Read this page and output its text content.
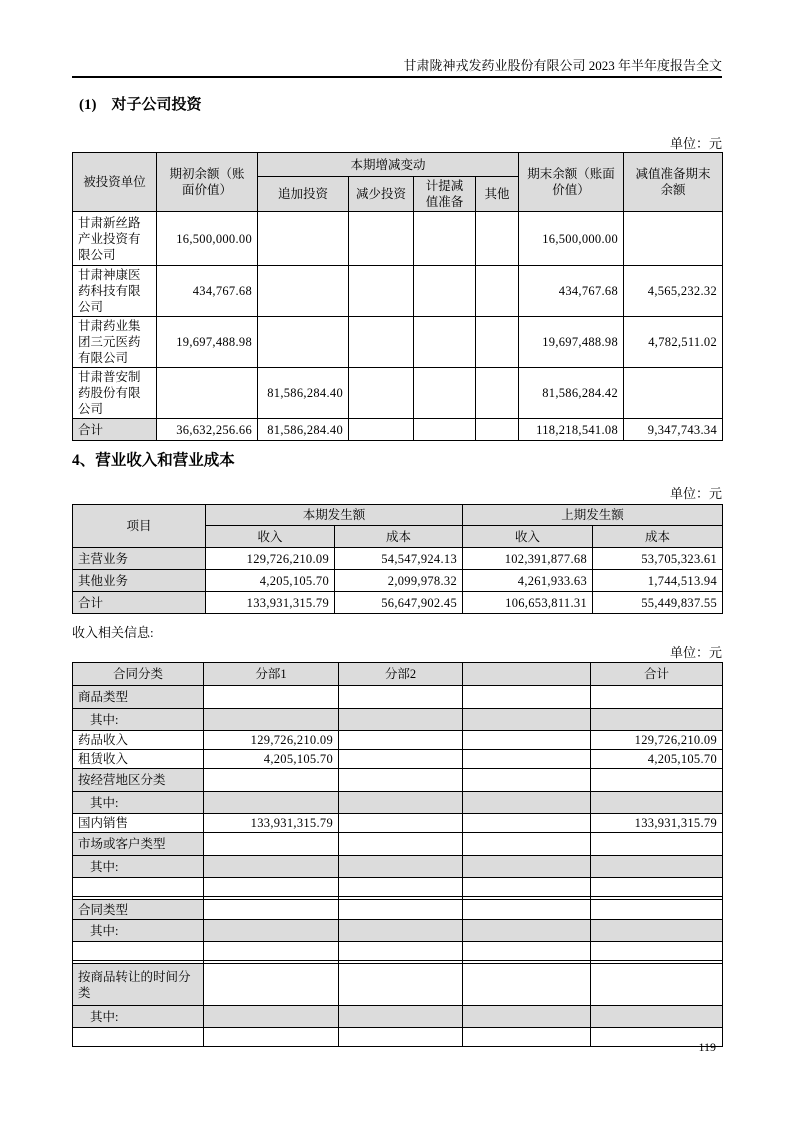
甘肃陇神戎发药业股份有限公司 2023 年半年度报告全文
(1)　对子公司投资
单位：元
被投资单位	期初余额（账面价值）	本期增减变动				期末余额（账面价值）	减值准备期末余额
		追加投资	减少投资	计提减值准备	其他		
甘肃新丝路产业投资有限公司	16,500,000.00					16,500,000.00	
甘肃神康医药科技有限公司	434,767.68					434,767.68	4,565,232.32
甘肃药业集团三元医药有限公司	19,697,488.98					19,697,488.98	4,782,511.02
甘肃普安制药股份有限公司		81,586,284.40				81,586,284.42	
合计	36,632,256.66	81,586,284.40				118,218,541.08	9,347,743.34
4、营业收入和营业成本
单位：元
项目	本期发生额		上期发生额	
	收入	成本	收入	成本
主营业务	129,726,210.09	54,547,924.13	102,391,877.68	53,705,323.61
其他业务	4,205,105.70	2,099,978.32	4,261,933.63	1,744,513.94
合计	133,931,315.79	56,647,902.45	106,653,811.31	55,449,837.55
收入相关信息:
单位：元
合同分类	分部1	分部2		合计
商品类型				
其中:				
药品收入	129,726,210.09			129,726,210.09
租赁收入	4,205,105.70			4,205,105.70
按经营地区分类				
其中:				
国内销售	133,931,315.79			133,931,315.79
市场或客户类型				
其中:				

合同类型				
其中:				

按商品转让的时间分类				
其中:				

119
